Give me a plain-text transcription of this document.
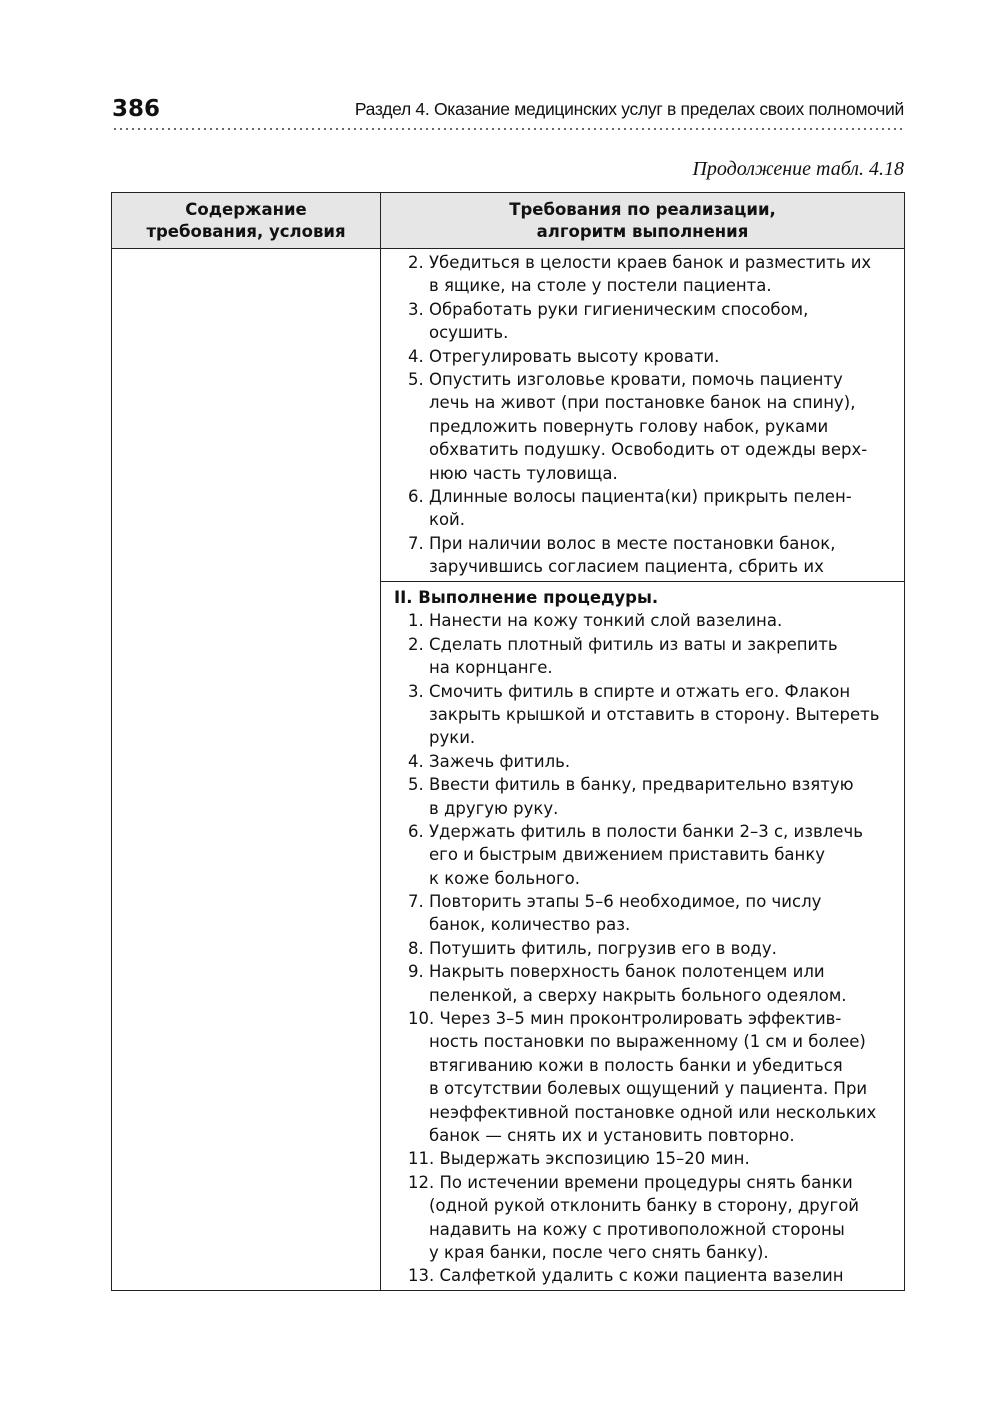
386	Раздел 4. Оказание медицинских услуг в пределах своих полномочий
Продолжение табл. 4.18
Содержание
требования, условия
Требования по реализации,
алгоритм выполнения
2. Убедиться в целости краев банок и разместить их
в ящике, на столе у постели пациента.
3. Обработать руки гигиеническим способом,
осушить.
4. Отрегулировать высоту кровати.
5. Опустить изголовье кровати, помочь пациенту
лечь на живот (при постановке банок на спину),
предложить повернуть голову набок, руками
обхватить подушку. Освободить от одежды верх-
нюю часть туловища.
6. Длинные волосы пациента(ки) прикрыть пелен-
кой.
7. При наличии волос в месте постановки банок,
заручившись согласием пациента, сбрить их
II. Выполнение процедуры.
1. Нанести на кожу тонкий слой вазелина.
2. Сделать плотный фитиль из ваты и закрепить
на корнцанге.
3. Смочить фитиль в спирте и отжать его. Флакон
закрыть крышкой и отставить в сторону. Вытереть
руки.
4. Зажечь фитиль.
5. Ввести фитиль в банку, предварительно взятую
в другую руку.
6. Удержать фитиль в полости банки 2–3 с, извлечь
его и быстрым движением приставить банку
к коже больного.
7. Повторить этапы 5–6 необходимое, по числу
банок, количество раз.
8. Потушить фитиль, погрузив его в воду.
9. Накрыть поверхность банок полотенцем или
пеленкой, а сверху накрыть больного одеялом.
10. Через 3–5 мин проконтролировать эффектив-
ность постановки по выраженному (1 см и более)
втягиванию кожи в полость банки и убедиться
в отсутствии болевых ощущений у пациента. При
неэффективной постановке одной или нескольких
банок — снять их и установить повторно.
11. Выдержать экспозицию 15–20 мин.
12. По истечении времени процедуры снять банки
(одной рукой отклонить банку в сторону, другой
надавить на кожу с противоположной стороны
у края банки, после чего снять банку).
13. Салфеткой удалить с кожи пациента вазелин
